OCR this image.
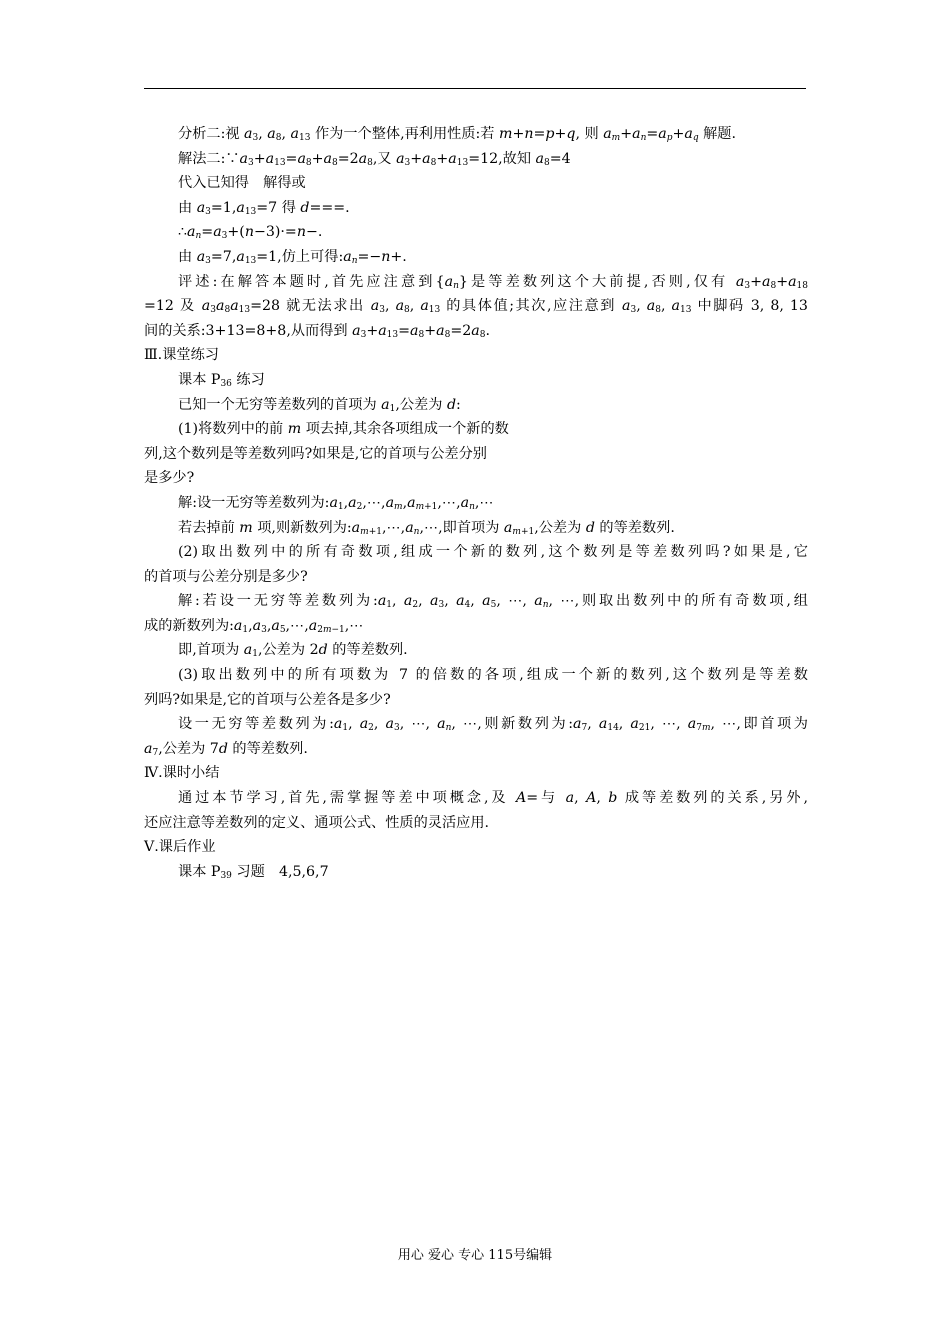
分析二:视 $a_3$, $a_8$, $a_{13}$ 作为一个整体,再利用性质:若 m+n=p+q, 则 $a_m+a_n=a_p+a_q$ 解题.
解法二$:\because a_3+a_{13}=a_8+a_8=2a_8$,又 $a_3+a_8+a_{13}=12$,故知 $a_8=4$
代入已知得　解得或
由 $a_3=1,a_{13}=7$ 得 d===.
$\therefore a_n=a_3+(n-3)\cdot=n-$.
由 $a_3=7,a_{13}=1$,仿上可得$:a_n=-n+$.
评述:在解答本题时,首先应注意到$\{a_n\}$是等差数列这个大前提,否则,仅有 $a_3+a_8+a_{18}$
=12 及 $a_3a_8a_{13}=28$ 就无法求出 $a_3$, $a_8$, $a_{13}$ 的具体值;其次,应注意到 $a_3$, $a_8$, $a_{13}$ 中脚码 3, 8, 13
间的关系:3+13=8+8,从而得到 $a_3+a_{13}=a_8+a_8=2a_8$.
Ⅲ.课堂练习
课本 $P_{36}$ 练习
已知一个无穷等差数列的首项为 $a_1$,公差为 d:
(1)将数列中的前 m 项去掉,其余各项组成一个新的数
列,这个数列是等差数列吗?如果是,它的首项与公差分别
是多少?
解:设一无穷等差数列为$:a_1,a_2,\cdots,a_m,a_{m+1},\cdots,a_n,\cdots$
若去掉前 m 项,则新数列为$:a_{m+1},\cdots,a_n,\cdots$,即首项为 $a_{m+1}$,公差为 d 的等差数列.
(2)取出数列中的所有奇数项,组成一个新的数列,这个数列是等差数列吗?如果是,它
的首项与公差分别是多少?
解:若设一无穷等差数列为$:a_1$, $a_2$, $a_3$, $a_4$, $a_5$, ⋯, $a_n$, ⋯,则取出数列中的所有奇数项,组
成的新数列为$:a_1,a_3,a_5,\cdots,a_{2m-1},\cdots$
即,首项为 $a_1$,公差为 2d 的等差数列.
(3)取出数列中的所有项数为 7 的倍数的各项,组成一个新的数列,这个数列是等差数
列吗?如果是,它的首项与公差各是多少?
设一无穷等差数列为$:a_1$, $a_2$, $a_3$, ⋯, $a_n$, ⋯,则新数列为$:a_7$, $a_{14}$, $a_{21}$, ⋯, $a_{7m}$, ⋯,即首项为
$a_7$,公差为 7d 的等差数列.
Ⅳ.课时小结
通过本节学习,首先,需掌握等差中项概念,及 A=与 a, A, b 成等差数列的关系,另外,
还应注意等差数列的定义、通项公式、性质的灵活应用.
Ⅴ.课后作业
课本 $P_{39}$ 习题　4,5,6,7
用心 爱心 专心 115号编辑
